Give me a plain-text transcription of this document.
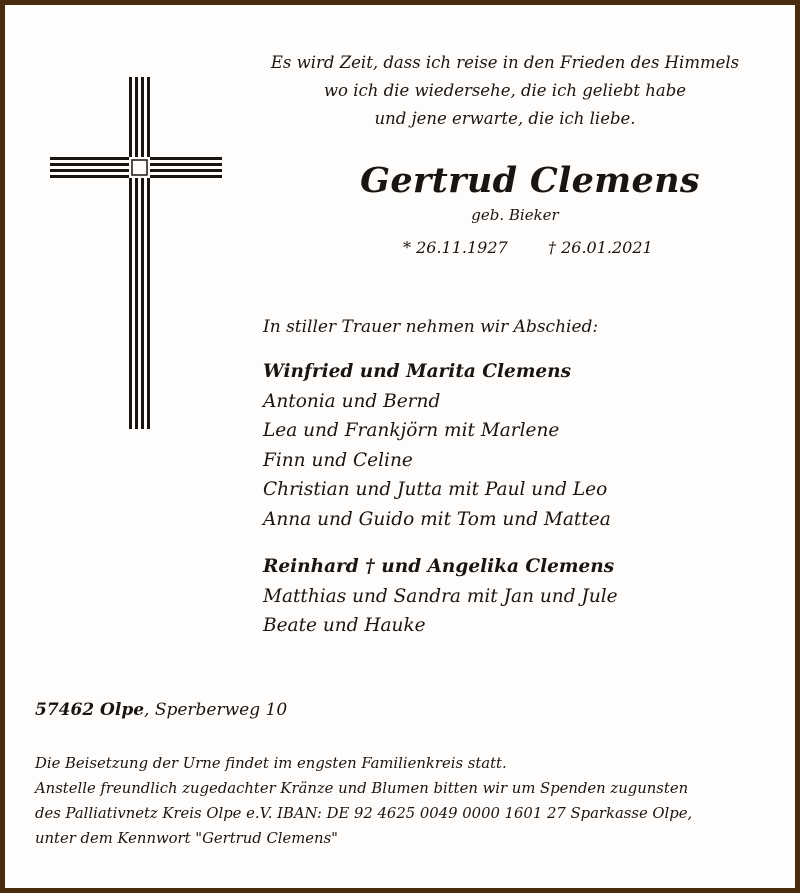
Es wird Zeit, dass ich reise in den Frieden des Himmels
wo ich die wiedersehe, die ich geliebt habe
und jene erwarte, die ich liebe.
Gertrud Clemens
geb. Bieker
* 26.11.1927	† 26.01.2021
In stiller Trauer nehmen wir Abschied:
Winfried und Marita Clemens
Antonia und Bernd
Lea und Frankjörn mit Marlene
Finn und Celine
Christian und Jutta mit Paul und Leo
Anna und Guido mit Tom und Mattea
Reinhard † und Angelika Clemens
Matthias und Sandra mit Jan und Jule
Beate und Hauke
57462 Olpe, Sperberweg 10
Die Beisetzung der Urne findet im engsten Familienkreis statt.
Anstelle freundlich zugedachter Kränze und Blumen bitten wir um Spenden zugunsten
des Palliativnetz Kreis Olpe e.V. IBAN: DE 92 4625 0049 0000 1601 27 Sparkasse Olpe,
unter dem Kennwort "Gertrud Clemens"
